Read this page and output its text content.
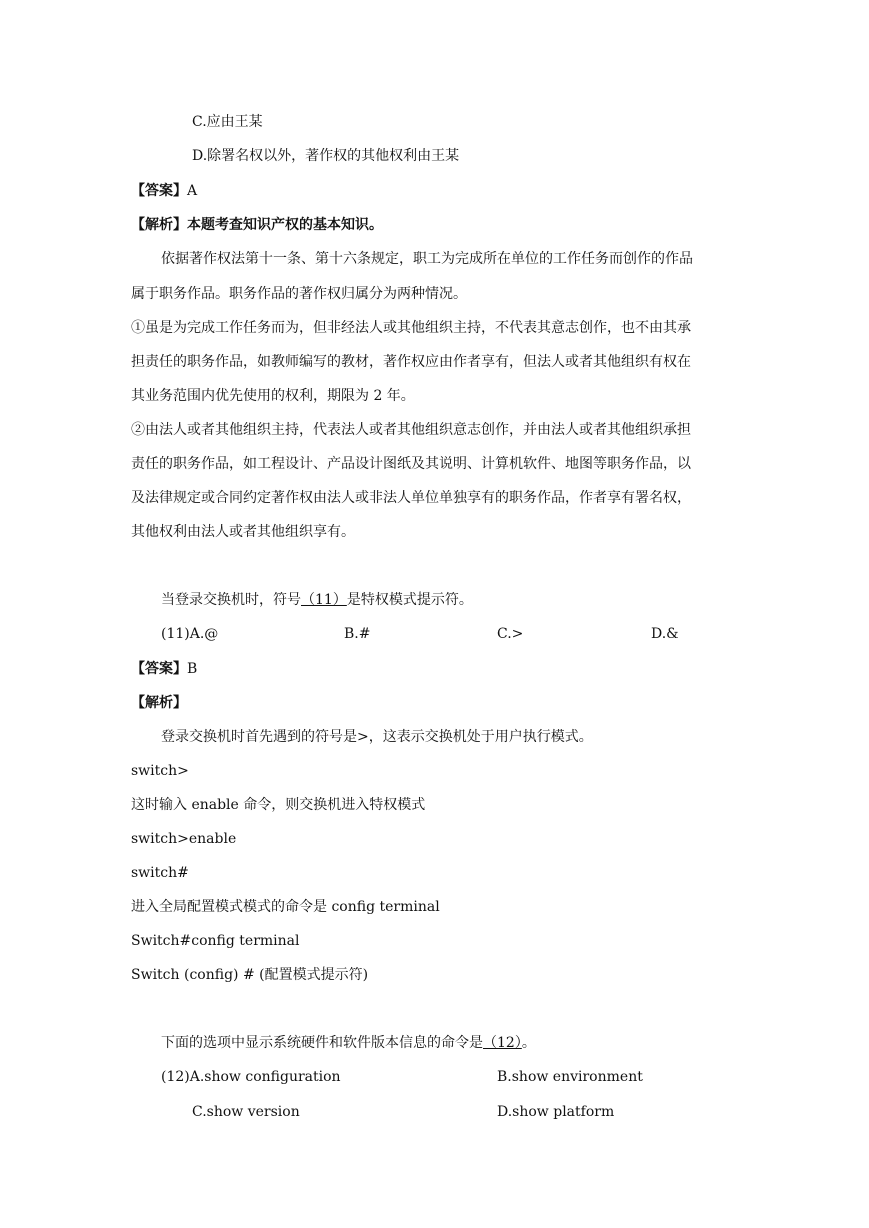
C.应由王某
D.除署名权以外，著作权的其他权利由王某
【答案】A
【解析】本题考查知识产权的基本知识。
依据著作权法第十一条、第十六条规定，职工为完成所在单位的工作任务而创作的作品
属于职务作品。职务作品的著作权归属分为两种情况。
①虽是为完成工作任务而为，但非经法人或其他组织主持，不代表其意志创作，也不由其承
担责任的职务作品，如教师编写的教材，著作权应由作者享有，但法人或者其他组织有权在
其业务范围内优先使用的权利，期限为 2 年。
②由法人或者其他组织主持，代表法人或者其他组织意志创作，并由法人或者其他组织承担
责任的职务作品，如工程设计、产品设计图纸及其说明、计算机软件、地图等职务作品，以
及法律规定或合同约定著作权由法人或非法人单位单独享有的职务作品，作者享有署名权，
其他权利由法人或者其他组织享有。
当登录交换机时，符号（11）是特权模式提示符。
(11)A.@	B.#	C.>	D.&
【答案】B
【解析】
登录交换机时首先遇到的符号是>，这表示交换机处于用户执行模式。
switch>
这时输入 enable 命令，则交换机进入特权模式
switch>enable
switch#
进入全局配置模式模式的命令是 config terminal
Switch#config terminal
Switch (config) # (配置模式提示符)
下面的选项中显示系统硬件和软件版本信息的命令是（12）。
(12)A.show configuration	B.show environment
C.show version	D.show platform
